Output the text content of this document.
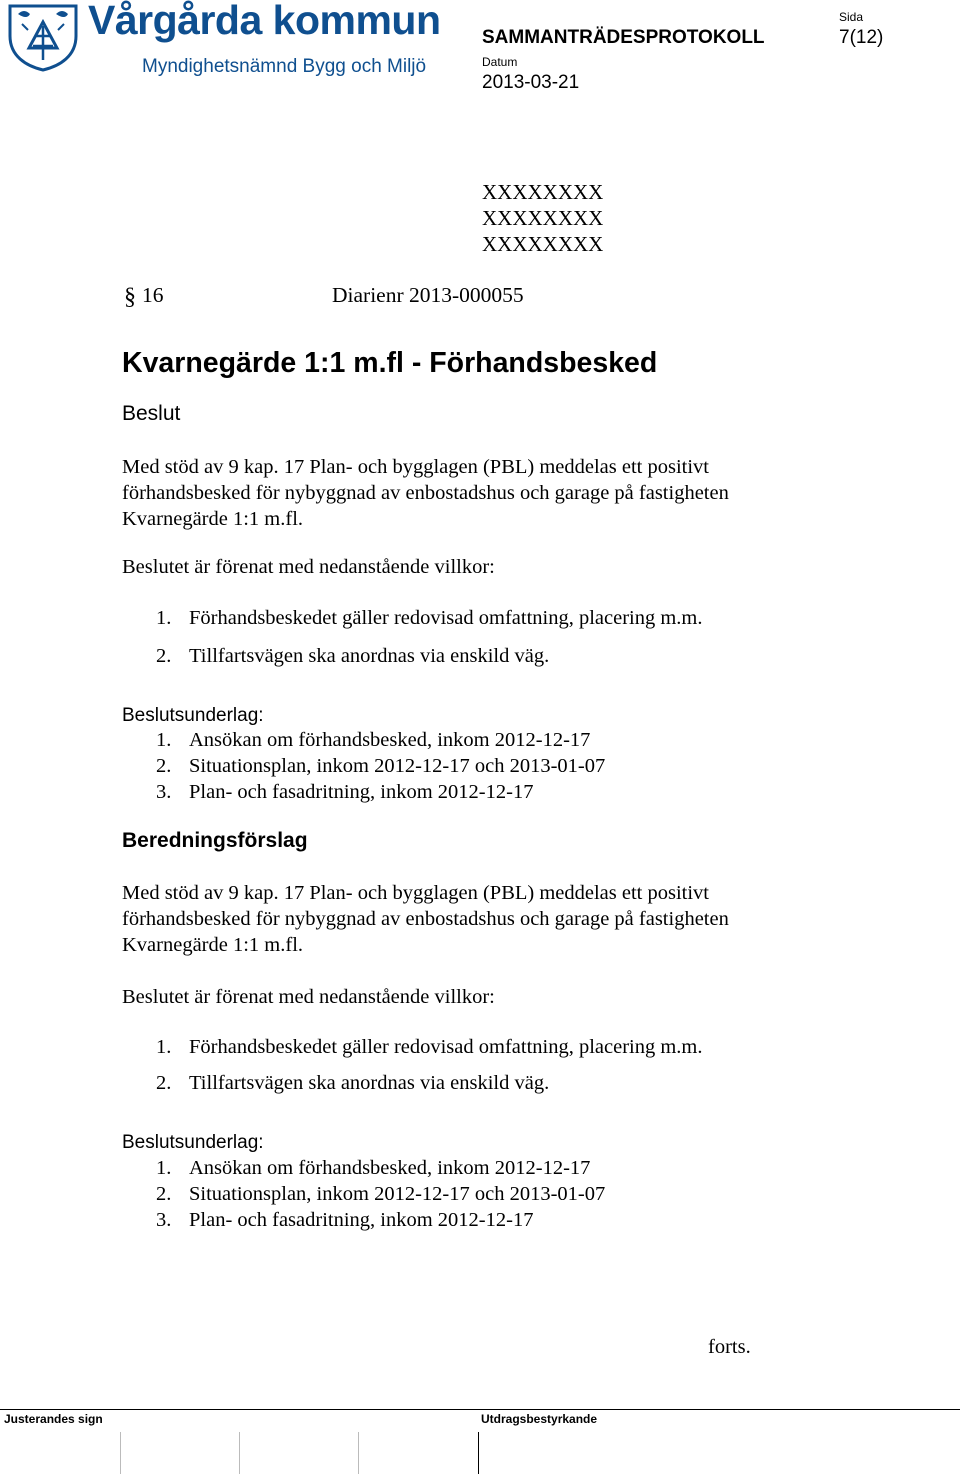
Vårgårda kommun
Myndighetsnämnd Bygg och Miljö
SAMMANTRÄDESPROTOKOLL
Datum
2013-03-21
Sida
7(12)
XXXXXXXX
XXXXXXXX
XXXXXXXX
§ 16	Diarienr 2013-000055
Kvarnegärde 1:1 m.fl - Förhandsbesked
Beslut
Med stöd av 9 kap. 17 Plan- och bygglagen (PBL) meddelas ett positivt
förhandsbesked för nybyggnad av enbostadshus och garage på fastigheten
Kvarnegärde 1:1 m.fl.
Beslutet är förenat med nedanstående villkor:
1. Förhandsbeskedet gäller redovisad omfattning, placering m.m.
2. Tillfartsvägen ska anordnas via enskild väg.
Beslutsunderlag:
1. Ansökan om förhandsbesked, inkom 2012-12-17
2. Situationsplan, inkom 2012-12-17 och 2013-01-07
3. Plan- och fasadritning, inkom 2012-12-17
Beredningsförslag
Med stöd av 9 kap. 17 Plan- och bygglagen (PBL) meddelas ett positivt
förhandsbesked för nybyggnad av enbostadshus och garage på fastigheten
Kvarnegärde 1:1 m.fl.
Beslutet är förenat med nedanstående villkor:
1. Förhandsbeskedet gäller redovisad omfattning, placering m.m.
2. Tillfartsvägen ska anordnas via enskild väg.
Beslutsunderlag:
1. Ansökan om förhandsbesked, inkom 2012-12-17
2. Situationsplan, inkom 2012-12-17 och 2013-01-07
3. Plan- och fasadritning, inkom 2012-12-17
forts.
Justerandes sign	Utdragsbestyrkande
